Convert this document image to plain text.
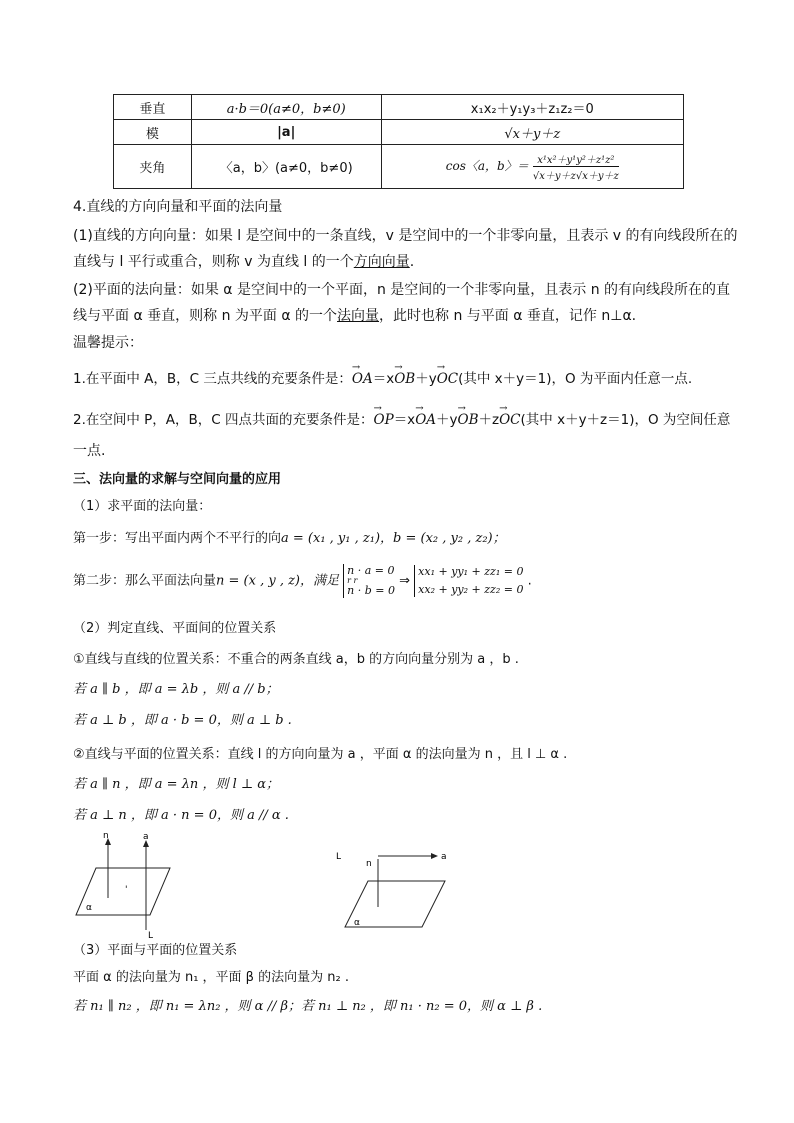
垂直	a·b＝0(a≠0，b≠0)	x₁x₂＋y₁y₃＋z₁z₂＝0
模	|a|	√x＋y＋z
夹角	〈a，b〉(a≠0，b≠0)	cos〈a，b〉＝ $\frac{\text{x¹x²＋y¹y²＋z¹z²}}{√x+y+z√x+y+z}$
4.直线的方向向量和平面的法向量
(1)直线的方向向量：如果 l 是空间中的一条直线，v 是空间中的一个非零向量，且表示 v 的有向线段所在的
直线与 l 平行或重合，则称 v 为直线 l 的一个方向向量.
(2)平面的法向量：如果 α 是空间中的一个平面，n 是空间的一个非零向量，且表示 n 的有向线段所在的直
线与平面 α 垂直，则称 n 为平面 α 的一个法向量，此时也称 n 与平面 α 垂直，记作 n⊥α.
温馨提示：
1.在平面中 A，B，C 三点共线的充要条件是：→ OA＝x→ OB＋y→ OC(其中 x＋y＝1)，O 为平面内任意一点.
2.在空间中 P，A，B，C 四点共面的充要条件是：→ OP＝x→ OA＋y→ OB＋z→ OC(其中 x＋y＋z＝1)，O 为空间任意
一点.
三、法向量的求解与空间向量的应用
（1）求平面的法向量：
第一步：写出平面内两个不平行的向a = (x₁ , y₁ , z₁)，b = (x₂ , y₂ , z₂)；
第二步：那么平面法向量n = (x , y , z)，满足
n · a = 0
r r
n · b = 0
⇒
xx₁ + yy₁ + zz₁ = 0
xx₂ + yy₂ + zz₂ = 0
.
（2）判定直线、平面间的位置关系
①直线与直线的位置关系：不重合的两条直线 a，b 的方向向量分别为 a ，b .
若 a ∥ b ，即 a = λb ，则 a // b；
若 a ⊥ b ，即 a · b = 0，则 a ⊥ b .
②直线与平面的位置关系：直线 l 的方向向量为 a ，平面 α 的法向量为 n ，且 l ⊥ α .
若 a ∥ n ，即 a = λn ，则 l ⊥ α；
若 a ⊥ n ，即 a · n = 0，则 a // α .
n	a
α
'
L
L
n
a
α
（3）平面与平面的位置关系
平面 α 的法向量为 n₁ ，平面 β 的法向量为 n₂ .
若 n₁ ∥ n₂ ，即 n₁ = λn₂ ，则 α // β；若 n₁ ⊥ n₂ ，即 n₁ · n₂ = 0，则 α ⊥ β .
